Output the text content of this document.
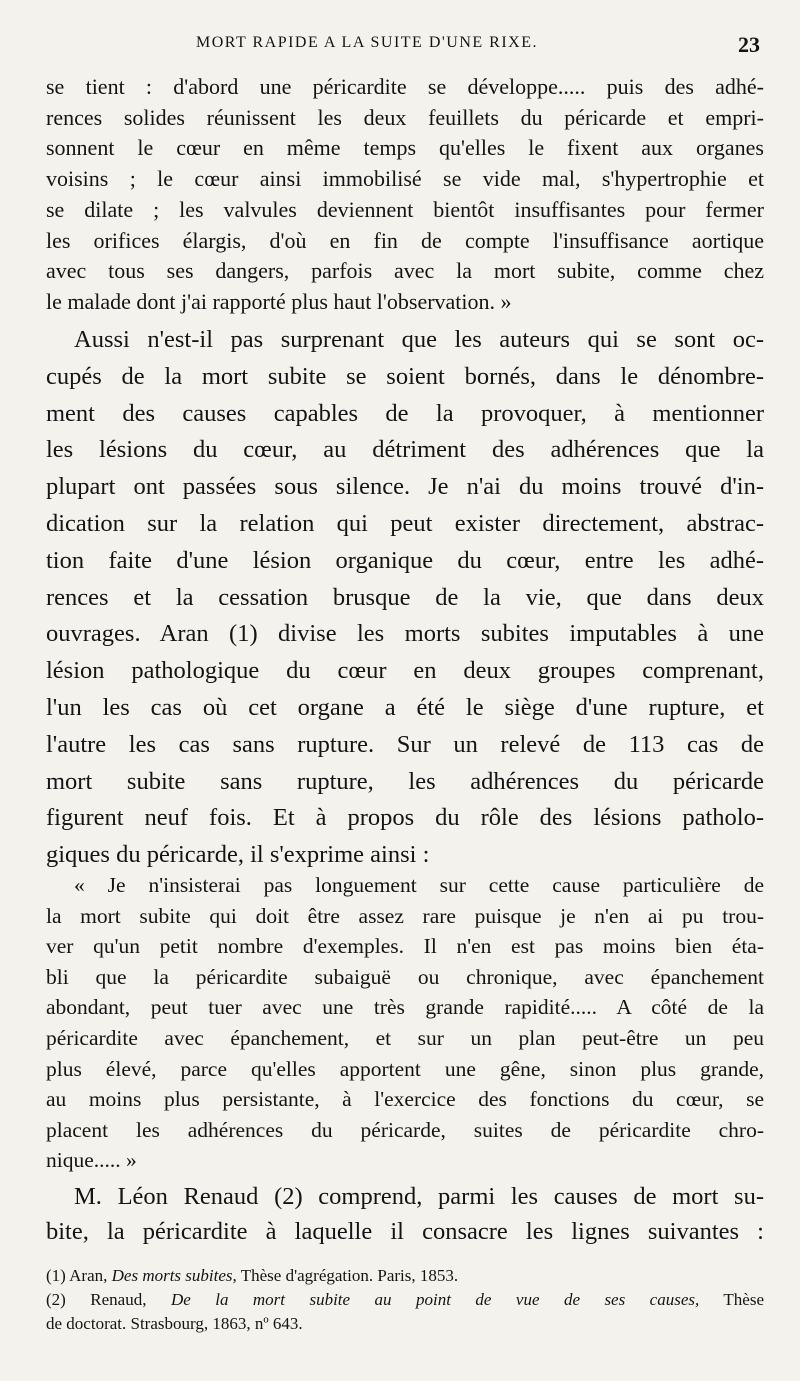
MORT RAPIDE A LA SUITE D'UNE RIXE.	23
se tient : d'abord une péricardite se développe..... puis des adhé-
rences solides réunissent les deux feuillets du péricarde et empri-
sonnent le cœur en même temps qu'elles le fixent aux organes
voisins ; le cœur ainsi immobilisé se vide mal, s'hypertrophie et
se dilate ; les valvules deviennent bientôt insuffisantes pour fermer
les orifices élargis, d'où en fin de compte l'insuffisance aortique
avec tous ses dangers, parfois avec la mort subite, comme chez
le malade dont j'ai rapporté plus haut l'observation. »
Aussi n'est-il pas surprenant que les auteurs qui se sont oc-
cupés de la mort subite se soient bornés, dans le dénombre-
ment des causes capables de la provoquer, à mentionner
les lésions du cœur, au détriment des adhérences que la
plupart ont passées sous silence. Je n'ai du moins trouvé d'in-
dication sur la relation qui peut exister directement, abstrac-
tion faite d'une lésion organique du cœur, entre les adhé-
rences et la cessation brusque de la vie, que dans deux
ouvrages. Aran (1) divise les morts subites imputables à une
lésion pathologique du cœur en deux groupes comprenant,
l'un les cas où cet organe a été le siège d'une rupture, et
l'autre les cas sans rupture. Sur un relevé de 113 cas de
mort subite sans rupture, les adhérences du péricarde
figurent neuf fois. Et à propos du rôle des lésions patholo-
giques du péricarde, il s'exprime ainsi :
« Je n'insisterai pas longuement sur cette cause particulière de
la mort subite qui doit être assez rare puisque je n'en ai pu trou-
ver qu'un petit nombre d'exemples. Il n'en est pas moins bien éta-
bli que la péricardite subaiguë ou chronique, avec épanchement
abondant, peut tuer avec une très grande rapidité..... A côté de la
péricardite avec épanchement, et sur un plan peut-être un peu
plus élevé, parce qu'elles apportent une gêne, sinon plus grande,
au moins plus persistante, à l'exercice des fonctions du cœur, se
placent les adhérences du péricarde, suites de péricardite chro-
nique..... »
M. Léon Renaud (2) comprend, parmi les causes de mort su-
bite, la péricardite à laquelle il consacre les lignes suivantes :
(1) Aran, Des morts subites, Thèse d'agrégation. Paris, 1853.
(2) Renaud, De la mort subite au point de vue de ses causes, Thèse
de doctorat. Strasbourg, 1863, nº 643.
